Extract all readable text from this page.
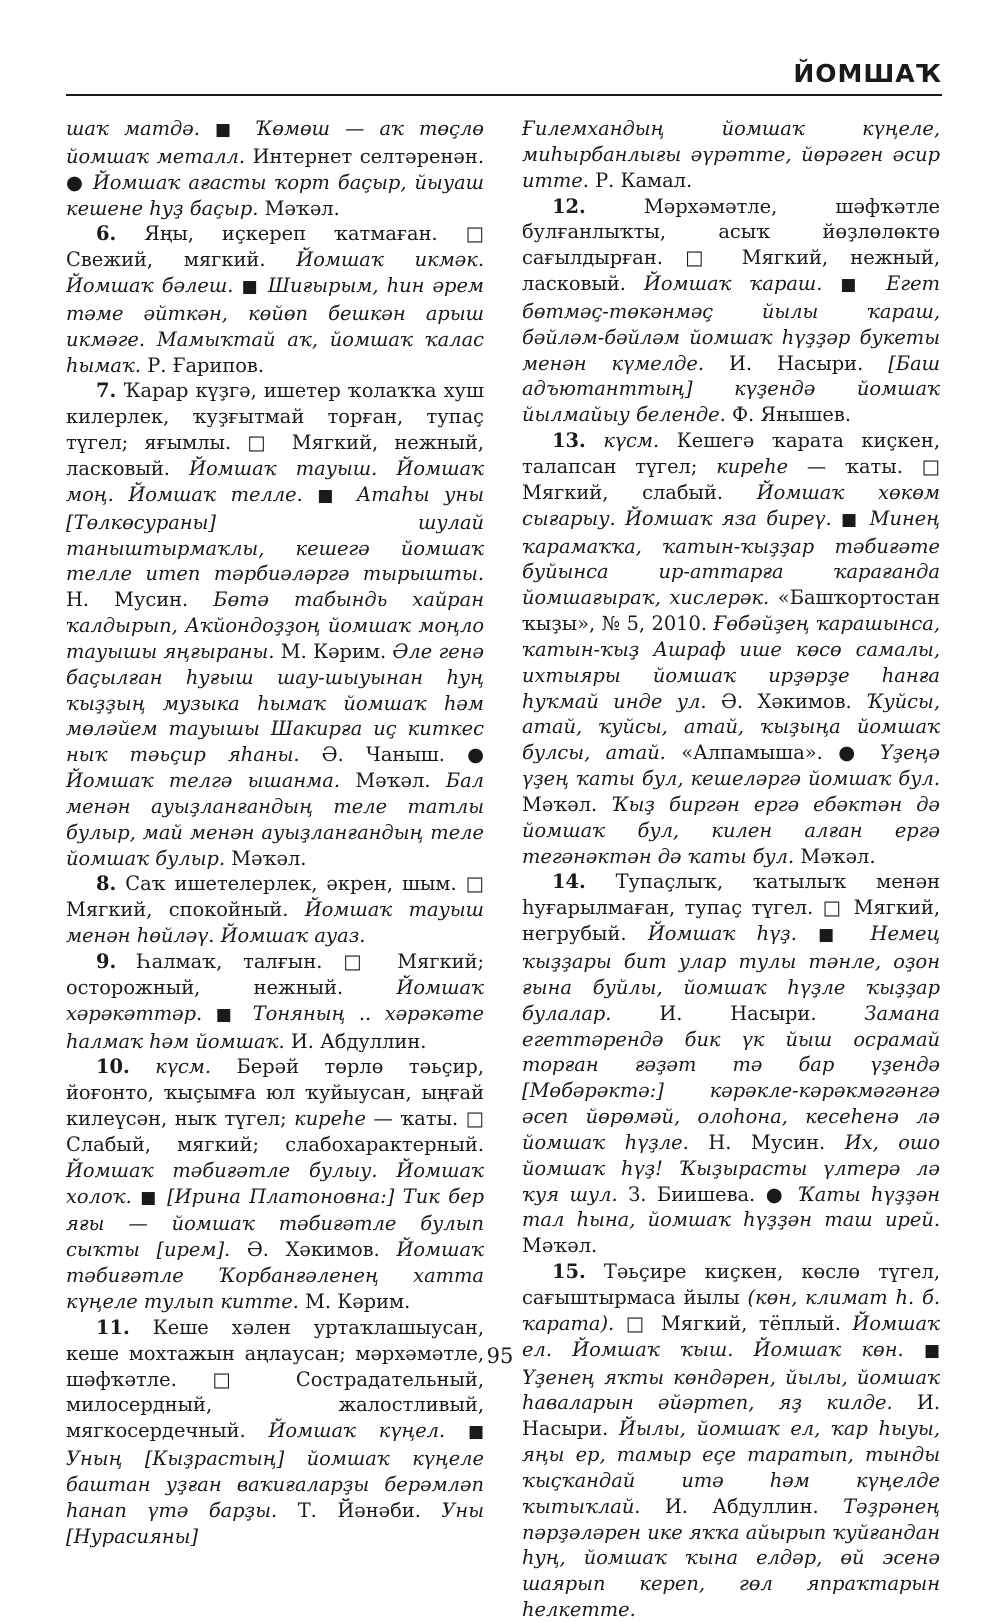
ЙОМШАҠ

шаҡ матдә. ■ Ҡөмөш — аҡ төҫлө йомшаҡ металл. Интернет селтәренән. ● Йомшаҡ ағасты ҡорт баҫыр, йыуаш кешене һуҙ баҫыр. Мәҡәл.

6. Яңы, иҫкереп ҡатмаған. □ Свежий, мягкий. Йомшаҡ икмәк. Йомшаҡ бәлеш. ■ Шиғырым, һин әрем тәме әйткән, көйөп бешкән арыш икмәге. Мамыҡтай аҡ, йомшаҡ ҡалас һымаҡ. Р. Ғарипов.

7. Ҡарар күҙгә, ишетер ҡолаҡҡа хуш килерлек, ҡуҙғытмай торған, тупаҫ түгел; яғымлы. □ Мягкий, нежный, ласковый. Йомшаҡ тауыш. Йомшаҡ моң. Йомшаҡ телле. ■ Атаһы уны [Төлкөсураны] шулай таныштырмаҡлы, кешегә йомшаҡ телле итеп тәрбиәләргә тырышты. Н. Мусин. Бөтә табындь хайран ҡалдырып, Аҡйондоҙҙоң йомшаҡ моңло тауышы яңғыраны. М. Кәрим. Әле генә баҫылған һуғыш шау-шыуынан һуң ҡыҙҙың музыка һымаҡ йомшаҡ һәм мөләйем тауышы Шакирға иҫ киткес ныҡ тәьҫир яһаны. Ә. Чаныш. ● Йомшаҡ телгә ышанма. Мәҡәл. Бал менән ауыҙланғандың теле татлы булыр, май менән ауыҙланғандың теле йомшаҡ булыр. Мәҡәл.

8. Саҡ ишетелерлек, әкрен, шым. □ Мягкий, спокойный. Йомшаҡ тауыш менән һөйләү. Йомшаҡ ауаз.

9. Һалмаҡ, талғын. □ Мягкий; осторожный, нежный. Йомшаҡ хәрәкәттәр. ■ Тоняның .. хәрәкәте һалмаҡ һәм йомшаҡ. И. Абдуллин.

10. күсм. Берәй төрлө тәьҫир, йоғонто, ҡыҫымға юл ҡуйыусан, ыңғай килеүсән, ныҡ түгел; киреһе — ҡаты. □ Слабый, мягкий; слабохарактерный. Йомшаҡ тәбиғәтле булыу. Йомшаҡ холоҡ. ■ [Ирина Платоновна:] Тик бер яғы — йомшаҡ тәбиғәтле булып сыҡты [ирем]. Ә. Хәкимов. Йомшаҡ тәбиғәтле Ҡорбанғәленең хатта күңеле тулып китте. М. Кәрим.

11. Кеше хәлен уртаҡлашыусан, кеше мохтажын аңлаусан; мәрхәмәтле, шәфҡәтле. □ Сострадательный, милосердный, жалостливый, мягкосердечный. Йомшаҡ күңел. ■ Уның [Кыҙрастың] йомшаҡ күңеле баштан уҙған ваҡиғаларҙы берәмләп һанап үтә барҙы. Т. Йәнәби. Уны [Нурасияны]

Ғилемхандың йомшаҡ күңеле, миһырбанлығы әүрәтте, йөрәген әсир итте. Р. Камал.

12. Мәрхәмәтле, шәфҡәтле булғанлыҡты, асыҡ йөҙлөлөктө сағылдырған. □ Мягкий, нежный, ласковый. Йомшаҡ ҡараш. ■ Егет бөтмәҫ-төкәнмәҫ йылы ҡараш, бәйләм-бәйләм йомшаҡ һүҙҙәр букеты менән күмелде. И. Насыри. [Баш адъютанттың] күҙендә йомшаҡ йылмайыу беленде. Ф. Янышев.

13. күсм. Кешегә ҡарата киҫкен, талапсан түгел; киреһе — ҡаты. □ Мягкий, слабый. Йомшаҡ хөкөм сығарыу. Йомшаҡ яза биреү. ■ Минең ҡарамаҡҡа, ҡатын-ҡыҙҙар тәбиғәте буйынса ир-аттарға ҡарағанда йомшағыраҡ, хислерәк. «Башҡортостан ҡыҙы», № 5, 2010. Ғөбәйҙең ҡарашынса, ҡатын-ҡыҙ Ашраф ише көсө самалы, ихтыяры йомшаҡ ирҙәрҙе һанға һуҡмай инде ул. Ә. Хәкимов. Ҡуйсы, атай, ҡуйсы, атай, ҡыҙыңа йомшаҡ булсы, атай. «Алпамыша». ● Үҙеңә үҙең ҡаты бул, кешеләргә йомшаҡ бул. Мәҡәл. Ҡыҙ биргән ергә ебәктән дә йомшаҡ бул, килен алған ергә тегәнәктән дә ҡаты бул. Мәҡәл.

14. Тупаҫлыҡ, ҡатылыҡ менән һуғарылмаған, тупаҫ түгел. □ Мягкий, негрубый. Йомшаҡ һүҙ. ■ Немец ҡыҙҙары бит улар тулы тәнле, оҙон ғына буйлы, йомшаҡ һүҙле ҡыҙҙар булалар. И. Насыри. Замана егеттәрендә бик үк йыш осрамай торған ғәҙәт тә бар үҙендә [Мөбәрәктә:] кәрәкле-кәрәкмәгәнгә әсеп йөрөмәй, олоһона, кесеһенә лә йомшаҡ һүҙле. Н. Мусин. Их, ошо йомшаҡ һүҙ! Ҡыҙырасты үлтерә лә ҡуя шул. З. Биишева. ● Ҡаты һүҙҙән тал һына, йомшаҡ һүҙҙән таш ирей. Мәҡәл.

15. Тәьҫире киҫкен, көслө түгел, сағыштырмаса йылы (көн, климат һ. б. ҡарата). □ Мягкий, тёплый. Йомшаҡ ел. Йомшаҡ ҡыш. Йомшаҡ көн. ■ Үҙенең яҡты көндәрен, йылы, йомшаҡ һаваларын әйәртеп, яҙ килде. И. Насыри. Йылы, йомшаҡ ел, ҡар һыуы, яңы ер, тамыр еҫе таратып, тынды ҡыҫҡандай итә һәм күңелде ҡытыҡлай. И. Абдуллин. Тәҙрәнең пәрҙәләрен ике яҡҡа айырып ҡуйғандан һуң, йомшаҡ ҡына елдәр, өй эсенә шаярып кереп, гөл япраҡтарын һелкетте.

95
